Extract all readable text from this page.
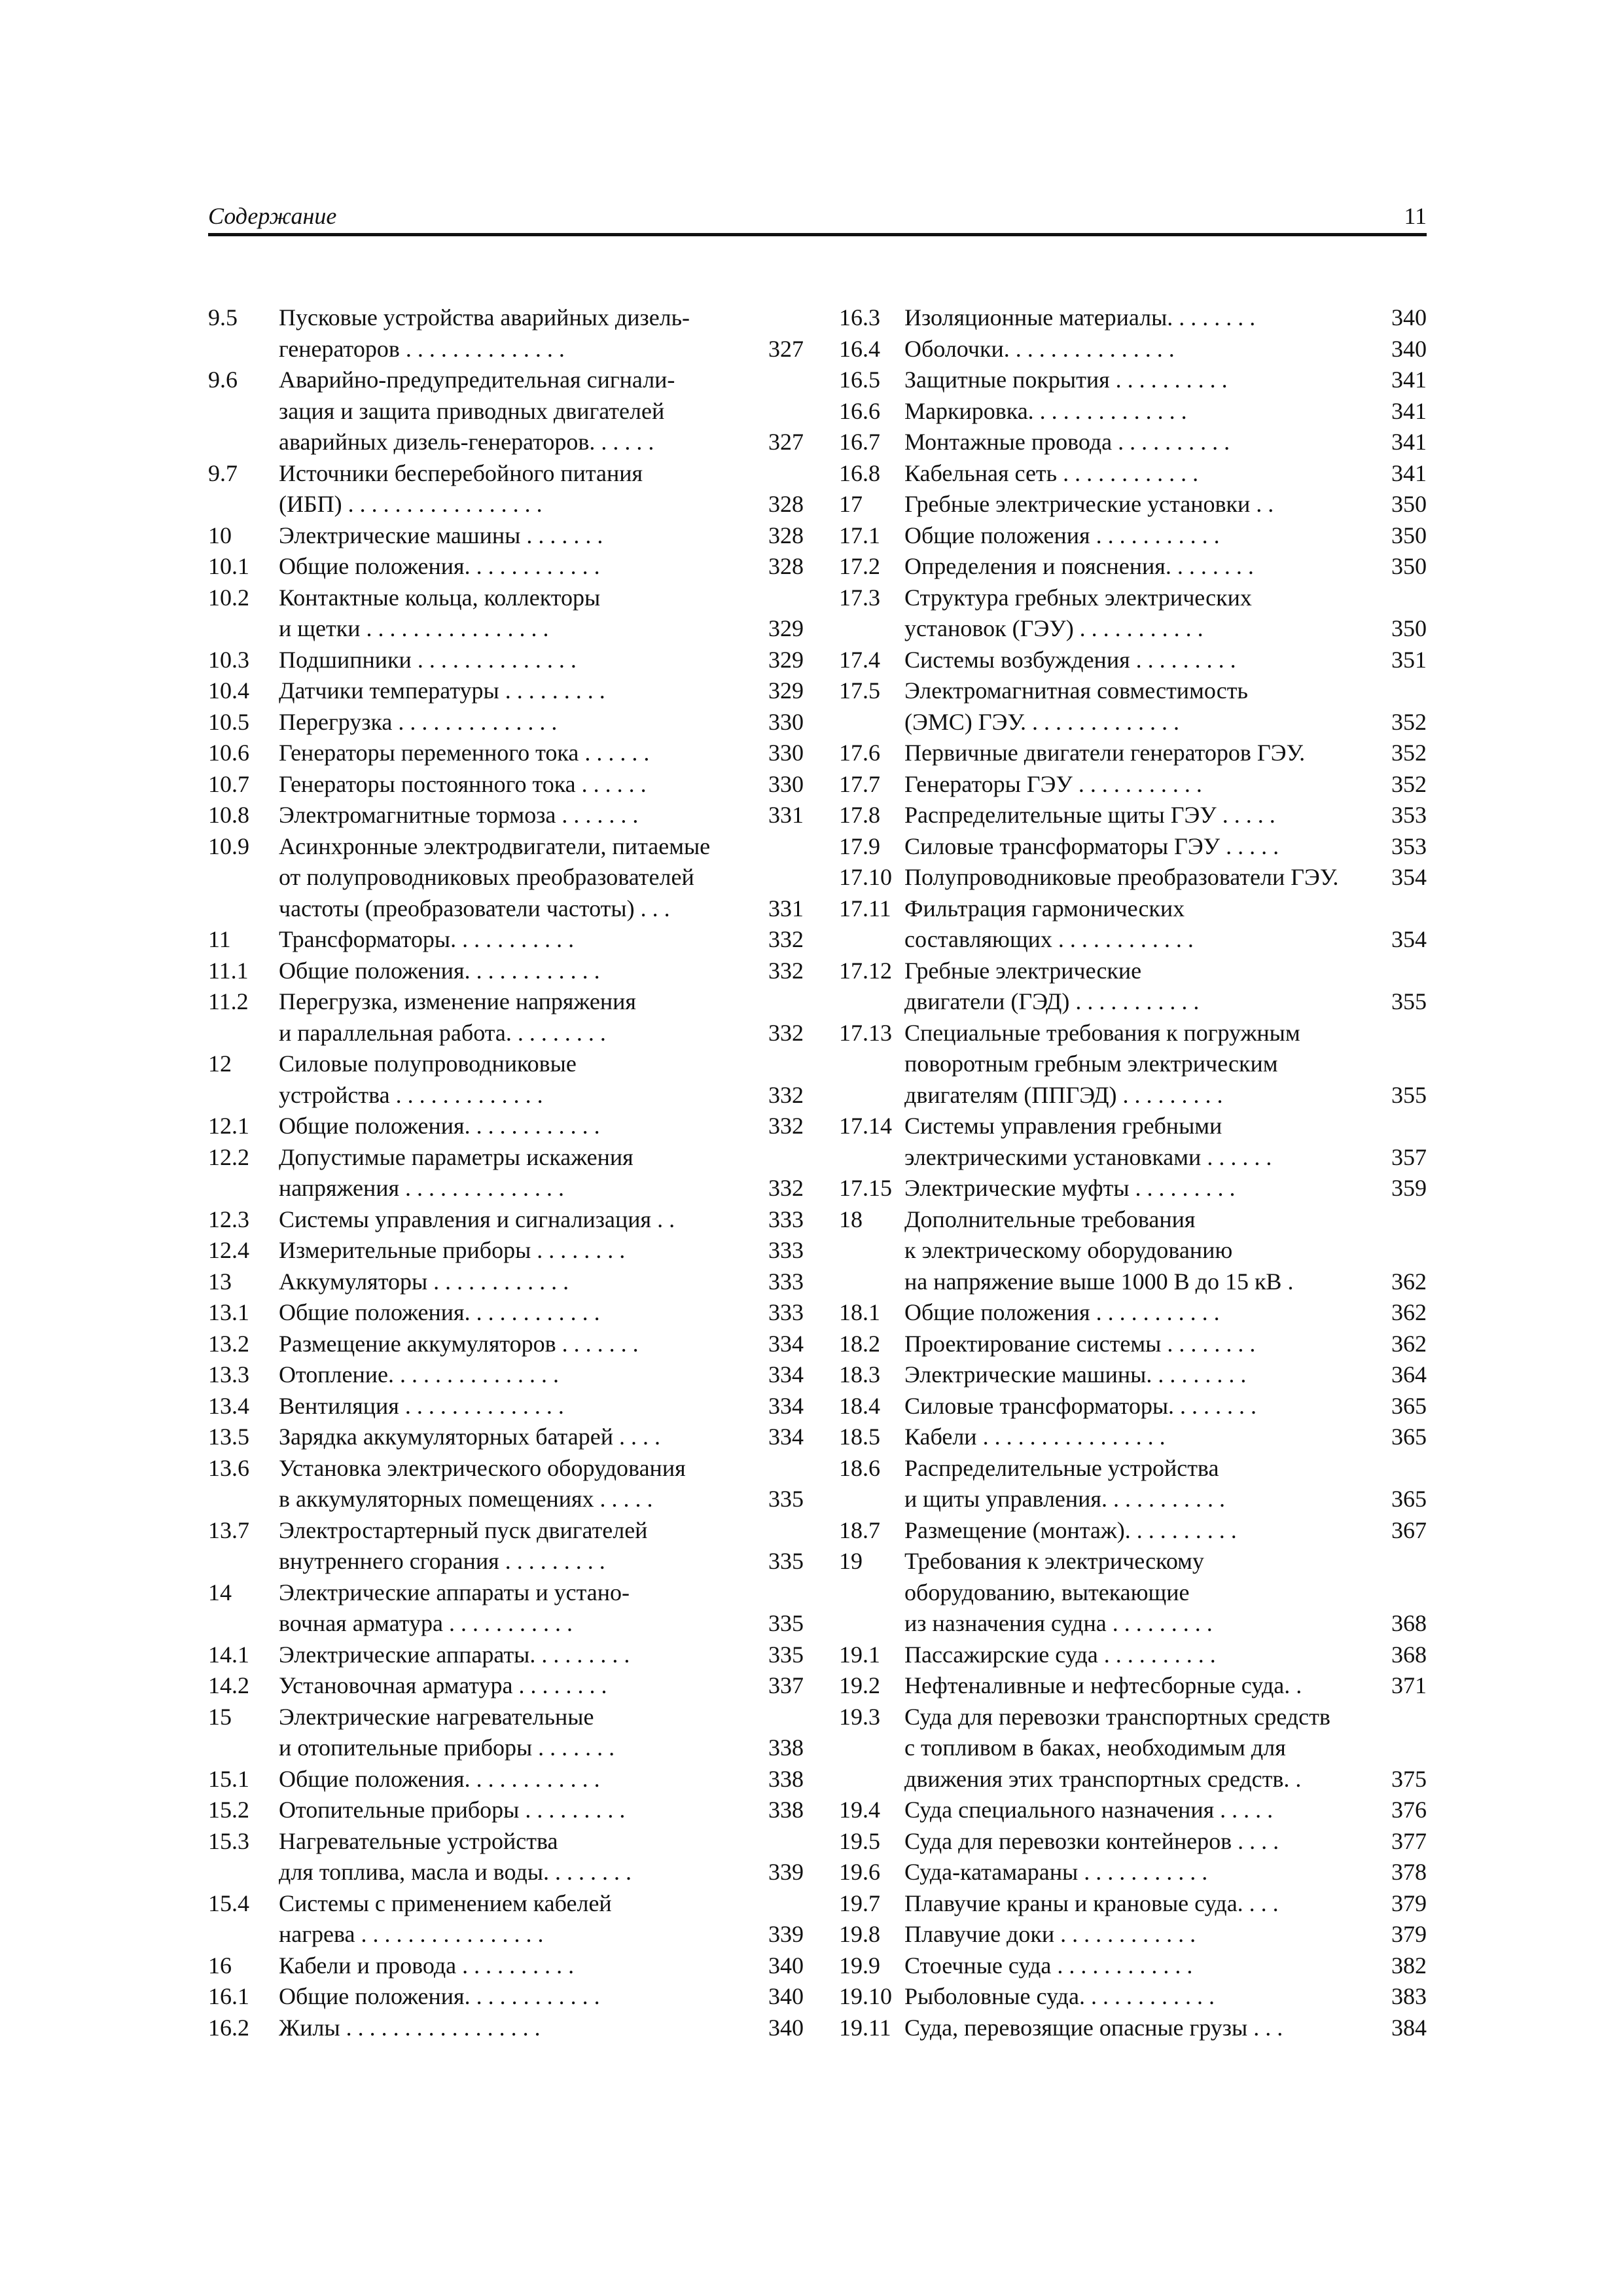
Содержание	11
9.5 Пусковые устройства аварийных дизель-
генераторов . . . . . . . . . . . . . .	327
9.6 Аварийно-предупредительная сигнали-
зация и защита приводных двигателей
аварийных дизель-генераторов. . . . . .	327
9.7 Источники бесперебойного питания
(ИБП) . . . . . . . . . . . . . . . . .	328
10 Электрические машины . . . . . . .	328
10.1 Общие положения. . . . . . . . . . . .	328
10.2 Контактные кольца, коллекторы
и щетки . . . . . . . . . . . . . . . .	329
10.3 Подшипники . . . . . . . . . . . . . .	329
10.4 Датчики температуры . . . . . . . . .	329
10.5 Перегрузка . . . . . . . . . . . . . .	330
10.6 Генераторы переменного тока . . . . . .	330
10.7 Генераторы постоянного тока . . . . . .	330
10.8 Электромагнитные тормоза . . . . . . .	331
10.9 Асинхронные электродвигатели, питаемые
от полупроводниковых преобразователей
частоты (преобразователи частоты) . . .	331
11 Трансформаторы. . . . . . . . . . .	332
11.1 Общие положения. . . . . . . . . . . .	332
11.2 Перегрузка, изменение напряжения
и параллельная работа. . . . . . . . .	332
12 Силовые полупроводниковые
устройства . . . . . . . . . . . . .	332
12.1 Общие положения. . . . . . . . . . . .	332
12.2 Допустимые параметры искажения
напряжения . . . . . . . . . . . . . .	332
12.3 Системы управления и сигнализация . .	333
12.4 Измерительные приборы . . . . . . . .	333
13 Аккумуляторы . . . . . . . . . . . .	333
13.1 Общие положения. . . . . . . . . . . .	333
13.2 Размещение аккумуляторов . . . . . . .	334
13.3 Отопление. . . . . . . . . . . . . . .	334
13.4 Вентиляция . . . . . . . . . . . . . .	334
13.5 Зарядка аккумуляторных батарей . . . .	334
13.6 Установка электрического оборудования
в аккумуляторных помещениях . . . . .	335
13.7 Электростартерный пуск двигателей
внутреннего сгорания . . . . . . . . .	335
14 Электрические аппараты и устано-
вочная арматура . . . . . . . . . . .	335
14.1 Электрические аппараты. . . . . . . . .	335
14.2 Установочная арматура . . . . . . . .	337
15 Электрические нагревательные
и отопительные приборы . . . . . . .	338
15.1 Общие положения. . . . . . . . . . . .	338
15.2 Отопительные приборы . . . . . . . . .	338
15.3 Нагревательные устройства
для топлива, масла и воды. . . . . . . .	339
15.4 Системы с применением кабелей
нагрева . . . . . . . . . . . . . . . .	339
16 Кабели и провода . . . . . . . . . .	340
16.1 Общие положения. . . . . . . . . . . .	340
16.2 Жилы . . . . . . . . . . . . . . . . .	340
16.3 Изоляционные материалы. . . . . . . .	340
16.4 Оболочки. . . . . . . . . . . . . . .	340
16.5 Защитные покрытия . . . . . . . . . .	341
16.6 Маркировка. . . . . . . . . . . . . .	341
16.7 Монтажные провода . . . . . . . . . .	341
16.8 Кабельная сеть . . . . . . . . . . . .	341
17 Гребные электрические установки . .	350
17.1 Общие положения . . . . . . . . . . .	350
17.2 Определения и пояснения. . . . . . . .	350
17.3 Структура гребных электрических
установок (ГЭУ) . . . . . . . . . . .	350
17.4 Системы возбуждения . . . . . . . . .	351
17.5 Электромагнитная совместимость
(ЭМС) ГЭУ. . . . . . . . . . . . . .	352
17.6 Первичные двигатели генераторов ГЭУ.	352
17.7 Генераторы ГЭУ . . . . . . . . . . .	352
17.8 Распределительные щиты ГЭУ . . . . .	353
17.9 Силовые трансформаторы ГЭУ . . . . .	353
17.10 Полупроводниковые преобразователи ГЭУ. 354
17.11 Фильтрация гармонических
составляющих . . . . . . . . . . . .	354
17.12 Гребные электрические
двигатели (ГЭД) . . . . . . . . . . .	355
17.13 Специальные требования к погружным
поворотным гребным электрическим
двигателям (ППГЭД) . . . . . . . . .	355
17.14 Системы управления гребными
электрическими установками . . . . . .	357
17.15 Электрические муфты . . . . . . . . .	359
18 Дополнительные требования
к электрическому оборудованию
на напряжение выше 1000 В до 15 кВ .	362
18.1 Общие положения . . . . . . . . . . .	362
18.2 Проектирование системы . . . . . . . .	362
18.3 Электрические машины. . . . . . . . .	364
18.4 Силовые трансформаторы. . . . . . . .	365
18.5 Кабели . . . . . . . . . . . . . . . .	365
18.6 Распределительные устройства
и щиты управления. . . . . . . . . . .	365
18.7 Размещение (монтаж). . . . . . . . . .	367
19 Требования к электрическому
оборудованию, вытекающие
из назначения судна . . . . . . . . .	368
19.1 Пассажирские суда . . . . . . . . . .	368
19.2 Нефтеналивные и нефтесборные суда. .	371
19.3 Суда для перевозки транспортных средств
с топливом в баках, необходимым для
движения этих транспортных средств. .	375
19.4 Суда специального назначения . . . . .	376
19.5 Суда для перевозки контейнеров . . . .	377
19.6 Суда-катамараны . . . . . . . . . . .	378
19.7 Плавучие краны и крановые суда. . . .	379
19.8 Плавучие доки . . . . . . . . . . . .	379
19.9 Стоечные суда . . . . . . . . . . . .	382
19.10 Рыболовные суда. . . . . . . . . . . .	383
19.11 Суда, перевозящие опасные грузы . . .	384
